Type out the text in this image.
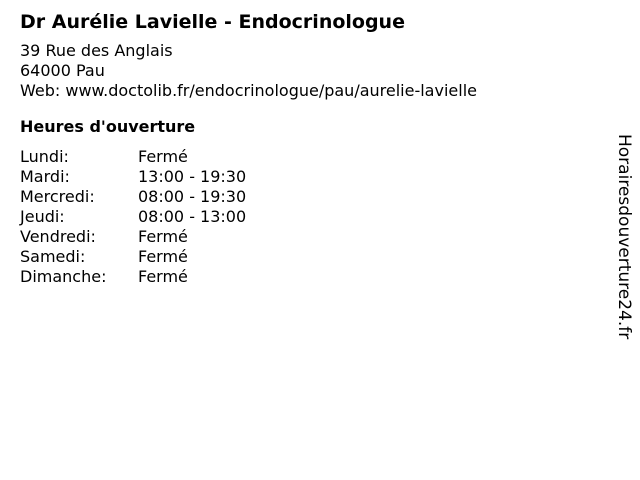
Dr Aurélie Lavielle - Endocrinologue
39 Rue des Anglais
64000 Pau
Web: www.doctolib.fr/endocrinologue/pau/aurelie-lavielle
Heures d'ouverture
Lundi:	Fermé
Mardi:	13:00 - 19:30
Mercredi:	08:00 - 19:30
Jeudi:	08:00 - 13:00
Vendredi:	Fermé
Samedi:	Fermé
Dimanche:	Fermé	Horairesdouverture24.fr
